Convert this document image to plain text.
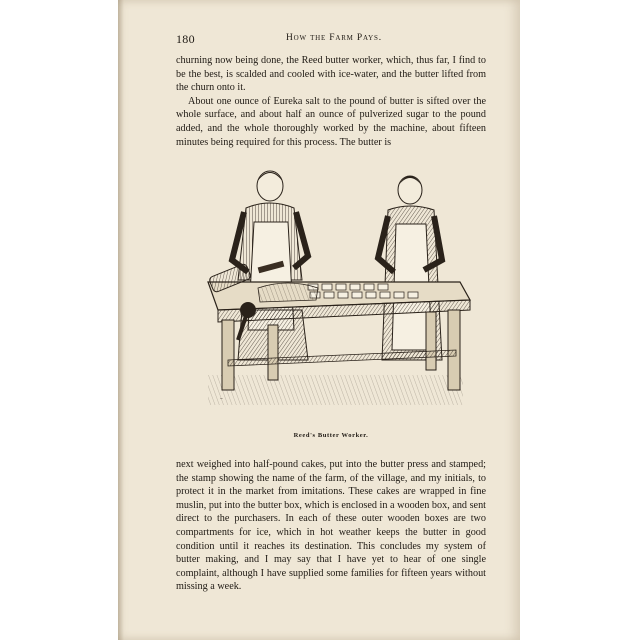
180	How the Farm Pays.

churning now being done, the Reed butter worker, which, thus far, I find to be the best, is scalded and cooled with ice-water, and the butter lifted from the churn onto it.

About one ounce of Eureka salt to the pound of butter is sifted over the whole surface, and about half an ounce of pulverized sugar to the pound added, and the whole thoroughly worked by the machine, about fifteen minutes being required for this process. The butter is

~
Reed's Butter Worker.

next weighed into half-pound cakes, put into the butter press and stamped; the stamp showing the name of the farm, of the village, and my initials, to protect it in the market from imitations. These cakes are wrapped in fine muslin, put into the butter box, which is enclosed in a wooden box, and sent direct to the purchasers. In each of these outer wooden boxes are two compartments for ice, which in hot weather keeps the butter in good condition until it reaches its destination. This concludes my system of butter making, and I may say that I have yet to hear of one single complaint, although I have supplied some families for fifteen years without missing a week.
